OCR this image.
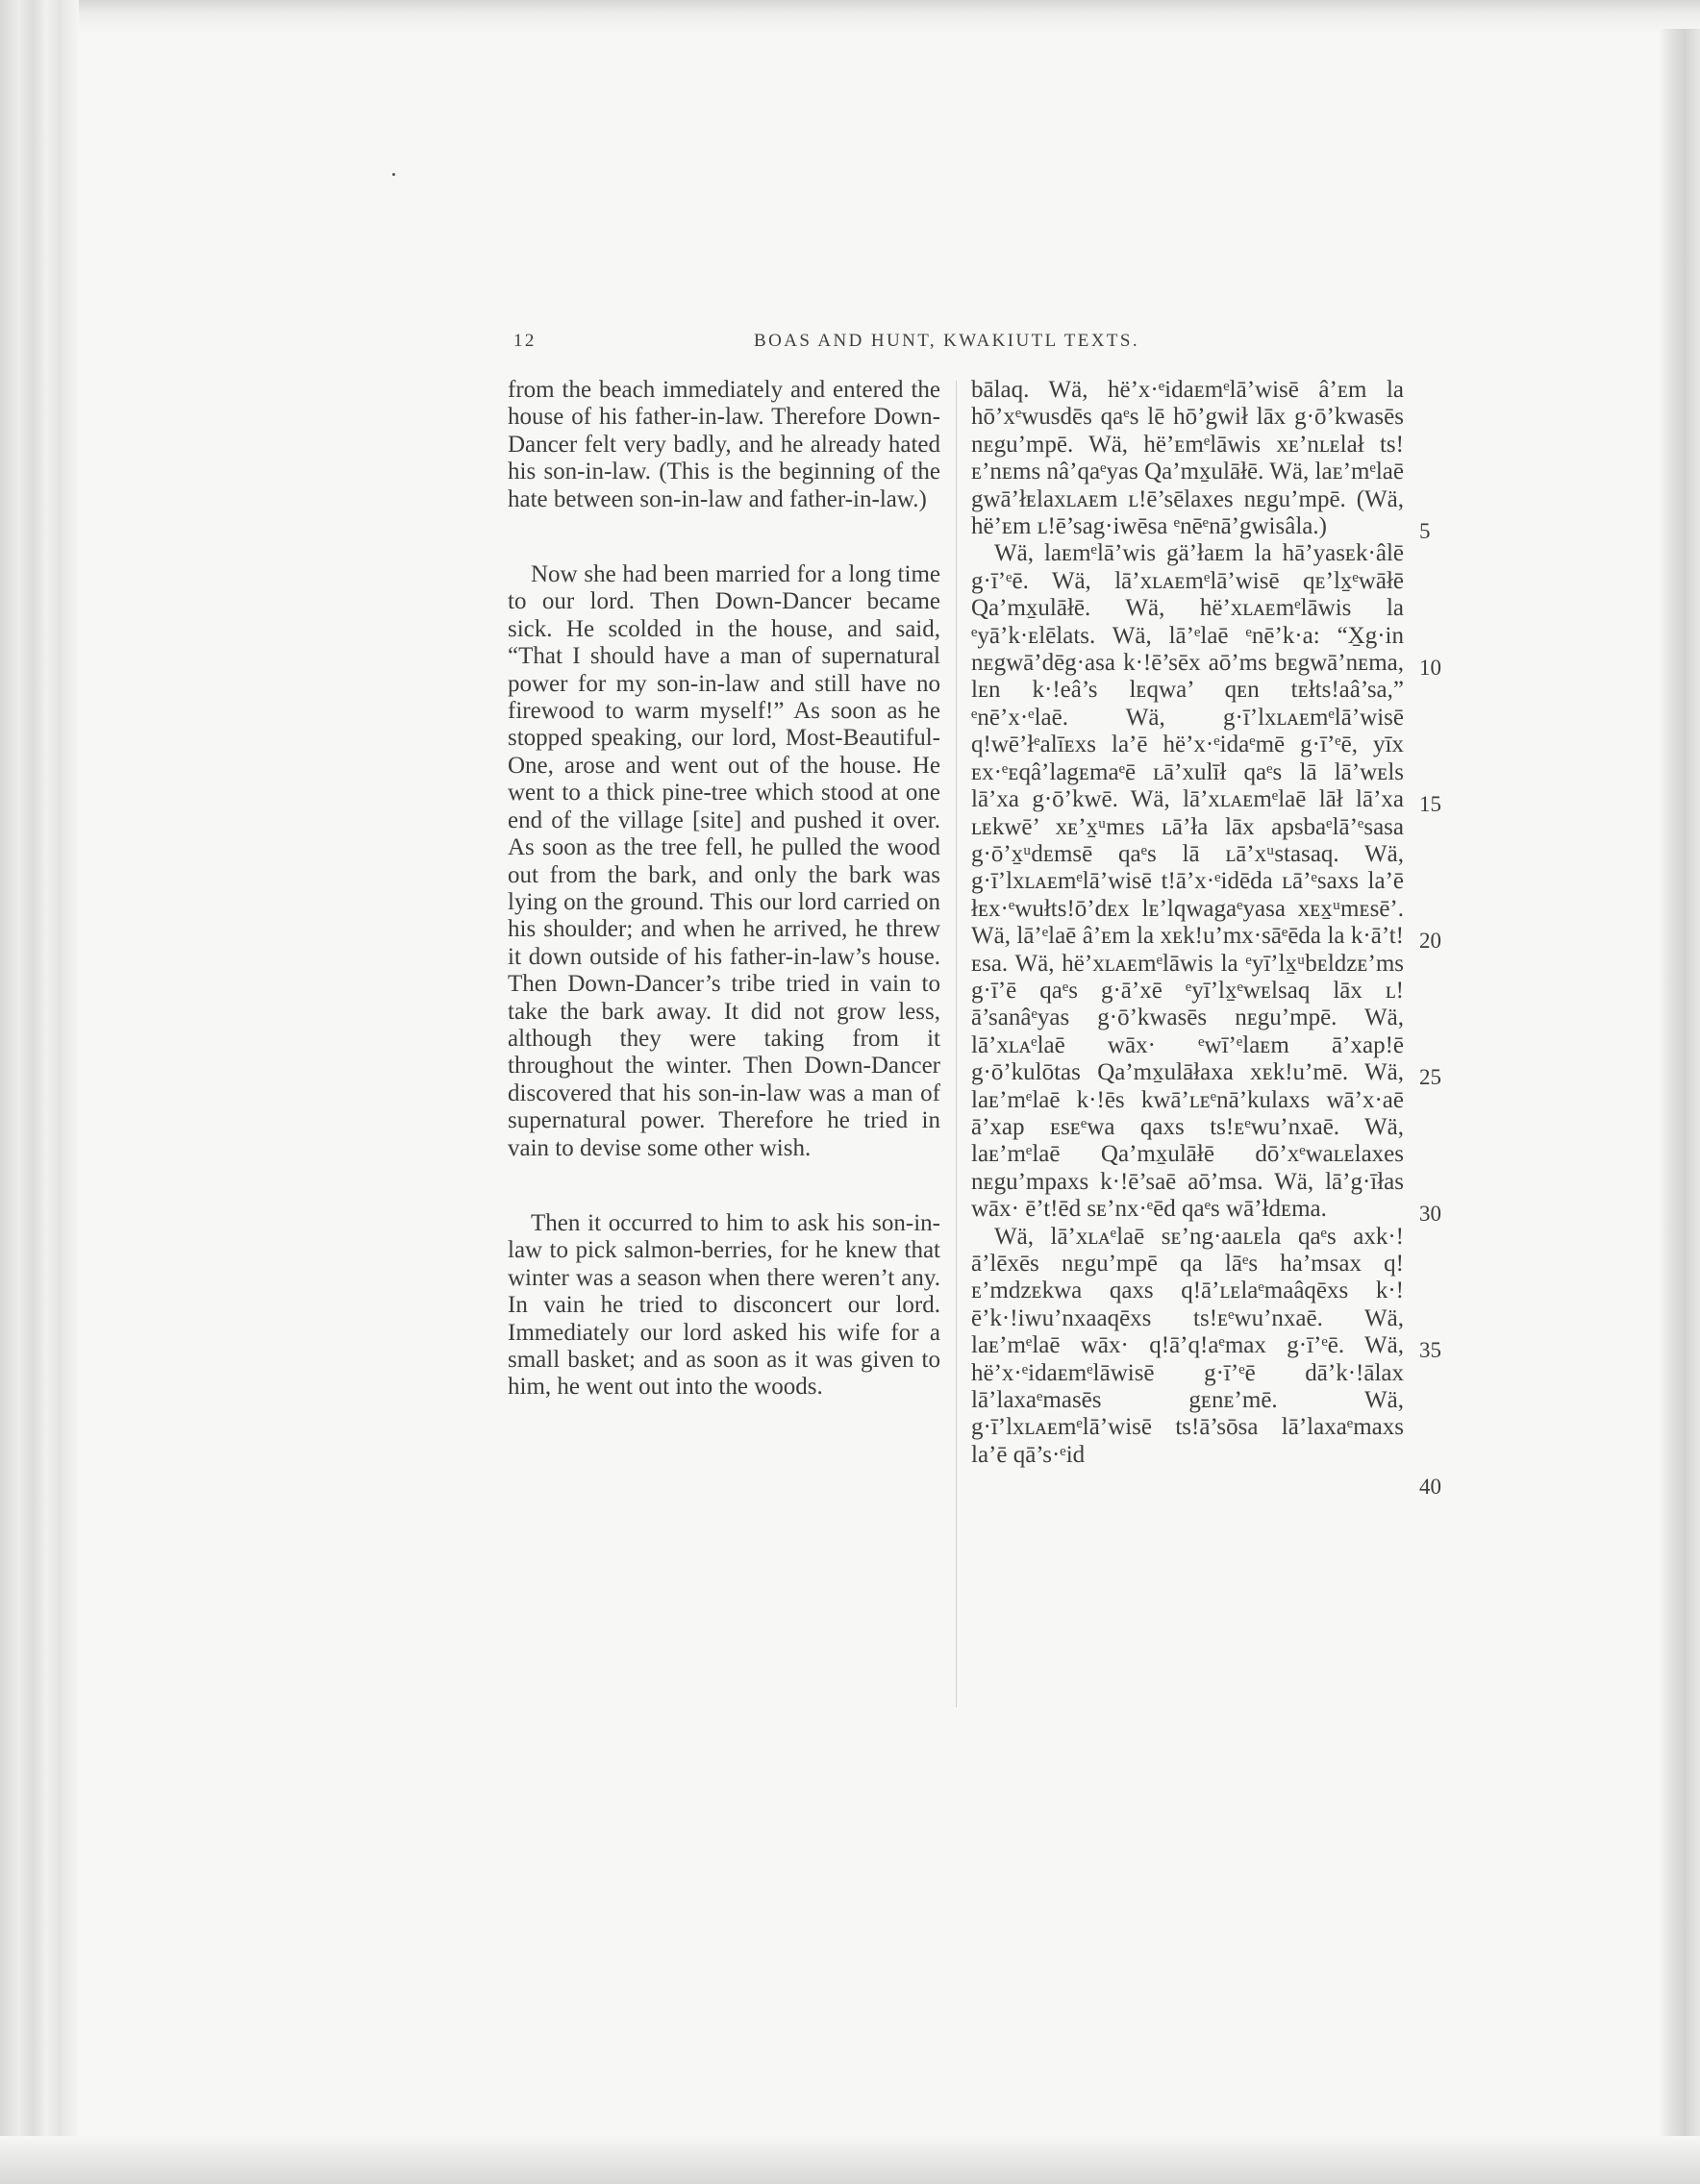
12	BOAS AND HUNT, KWAKIUTL TEXTS.

from the beach immediately and entered the house of his father-in-law. Therefore Down-Dancer felt very badly, and he already hated his son-in-law. (This is the beginning of the hate between son-in-law and father-in-law.)

Now she had been married for a long time to our lord. Then Down-Dancer became sick. He scolded in the house, and said, “That I should have a man of supernatural power for my son-in-law and still have no firewood to warm myself!” As soon as he stopped speaking, our lord, Most-Beautiful-One, arose and went out of the house. He went to a thick pine-tree which stood at one end of the village [site] and pushed it over. As soon as the tree fell, he pulled the wood out from the bark, and only the bark was lying on the ground. This our lord carried on his shoulder; and when he arrived, he threw it down outside of his father-in-law’s house. Then Down-Dancer’s tribe tried in vain to take the bark away. It did not grow less, although they were taking from it throughout the winter. Then Down-Dancer discovered that his son-in-law was a man of supernatural power. Therefore he tried in vain to devise some other wish.

Then it occurred to him to ask his son-in-law to pick salmon-berries, for he knew that winter was a season when there weren’t any. In vain he tried to disconcert our lord. Immediately our lord asked his wife for a small basket; and as soon as it was given to him, he went out into the woods.

bālaq. Wä, hë’x·ᵉidaᴇmᵉlā’wisē â’ᴇm la hō’xᵉwusdēs qaᵉs lē hō’gwił lāx g·ō’kwasēs nᴇgu’mpē. Wä, hë’ᴇmᵉlāwis xᴇ’nʟᴇlał ts!ᴇ’nᴇms nâ’qaᵉyas Qa’mx̱ulāłē. Wä, laᴇ’mᵉlaē gwā’łᴇlaxʟᴀᴇm ʟ!ē’sēlaxes nᴇgu’mpē. (Wä, hë’ᴇm ʟ!ē’sag·iwēsa ᵉnēᵉnā’gwisâla.)

Wä, laᴇmᵉlā’wis gä’łaᴇm la hā’yasᴇk·âlē g·ī’ᵉē. Wä, lā’xʟᴀᴇmᵉlā’wisē qᴇ’lx̱ᵉwāłē Qa’mx̱ulāłē. Wä, hë’xʟᴀᴇmᵉlāwis la ᵉyā’k·ᴇlēlats. Wä, lā’ᵉlaē ᵉnē’k·a: “X̱g·in nᴇgwā’dēg·asa k·!ē’sēx aō’ms bᴇgwā’nᴇma, lᴇn k·!eâ’s lᴇqwa’ qᴇn tᴇłts!aâ’sa,” ᵉnē’x·ᵉlaē. Wä, g·ī’lxʟᴀᴇmᵉlā’wisē q!wē’łᵉalīᴇxs la’ē hë’x·ᵉidaᵉmē g·ī’ᵉē, yīx ᴇx·ᵉᴇqâ’lagᴇmaᵉē ʟā’xulīł qaᵉs lā lā’wᴇls lā’xa g·ō’kwē. Wä, lā’xʟᴀᴇmᵉlaē lāł lā’xa ʟᴇkwē’ xᴇ’x̱ᵘmᴇs ʟā’ła lāx apsbaᵉlā’ᵉsasa g·ō’x̱ᵘdᴇmsē qaᵉs lā ʟā’xᵘstasaq. Wä, g·ī’lxʟᴀᴇmᵉlā’wisē t!ā’x·ᵉidēda ʟā’ᵉsaxs la’ē łᴇx·ᵉwułts!ō’dᴇx lᴇ’lqwagaᵉyasa xᴇx̱ᵘmᴇsē’. Wä, lā’ᵉlaē â’ᴇm la xᴇk!u’mx·sāᵉēda la k·ā’t!ᴇsa. Wä, hë’xʟᴀᴇmᵉlāwis la ᵉyī’lx̱ᵘbᴇldzᴇ’ms g·ī’ē qaᵉs g·ā’xē ᵉyī’lx̱ᵉwᴇlsaq lāx ʟ!ā’sanâᵉyas g·ō’kwasēs nᴇgu’mpē. Wä, lā’xʟᴀᵉlaē wāx· ᵉwī’ᵉlaᴇm ā’xap!ē g·ō’kulōtas Qa’mx̱ulāłaxa xᴇk!u’mē. Wä, laᴇ’mᵉlaē k·!ēs kwā’ʟᴇᵉnā’kulaxs wā’x·aē ā’xap ᴇsᴇᵉwa qaxs ts!ᴇᵉwu’nxaē. Wä, laᴇ’mᵉlaē Qa’mx̱ulāłē dō’xᵉwaʟᴇlaxes nᴇgu’mpaxs k·!ē’saē aō’msa. Wä, lā’g·īłas wāx· ē’t!ēd sᴇ’nx·ᵉēd qaᵉs wā’łdᴇma.

Wä, lā’xʟᴀᵉlaē sᴇ’ng·aaʟᴇla qaᵉs axk·!ā’lēxēs nᴇgu’mpē qa lāᵉs ha’msax q!ᴇ’mdzᴇkwa qaxs q!ā’ʟᴇlaᵉmaâqēxs k·!ē’k·!iwu’nxaaqēxs ts!ᴇᵉwu’nxaē. Wä, laᴇ’mᵉlaē wāx· q!ā’q!aᵉmax g·ī’ᵉē. Wä, hë’x·ᵉidaᴇmᵉlāwisē g·ī’ᵉē dā’k·!ālax lā’laxaᵉmasēs gᴇnᴇ’mē. Wä, g·ī’lxʟᴀᴇmᵉlā’wisē ts!ā’sōsa lā’laxaᵉmaxs la’ē qā’s·ᵉid

5
10
15
20
25
30
35
40
